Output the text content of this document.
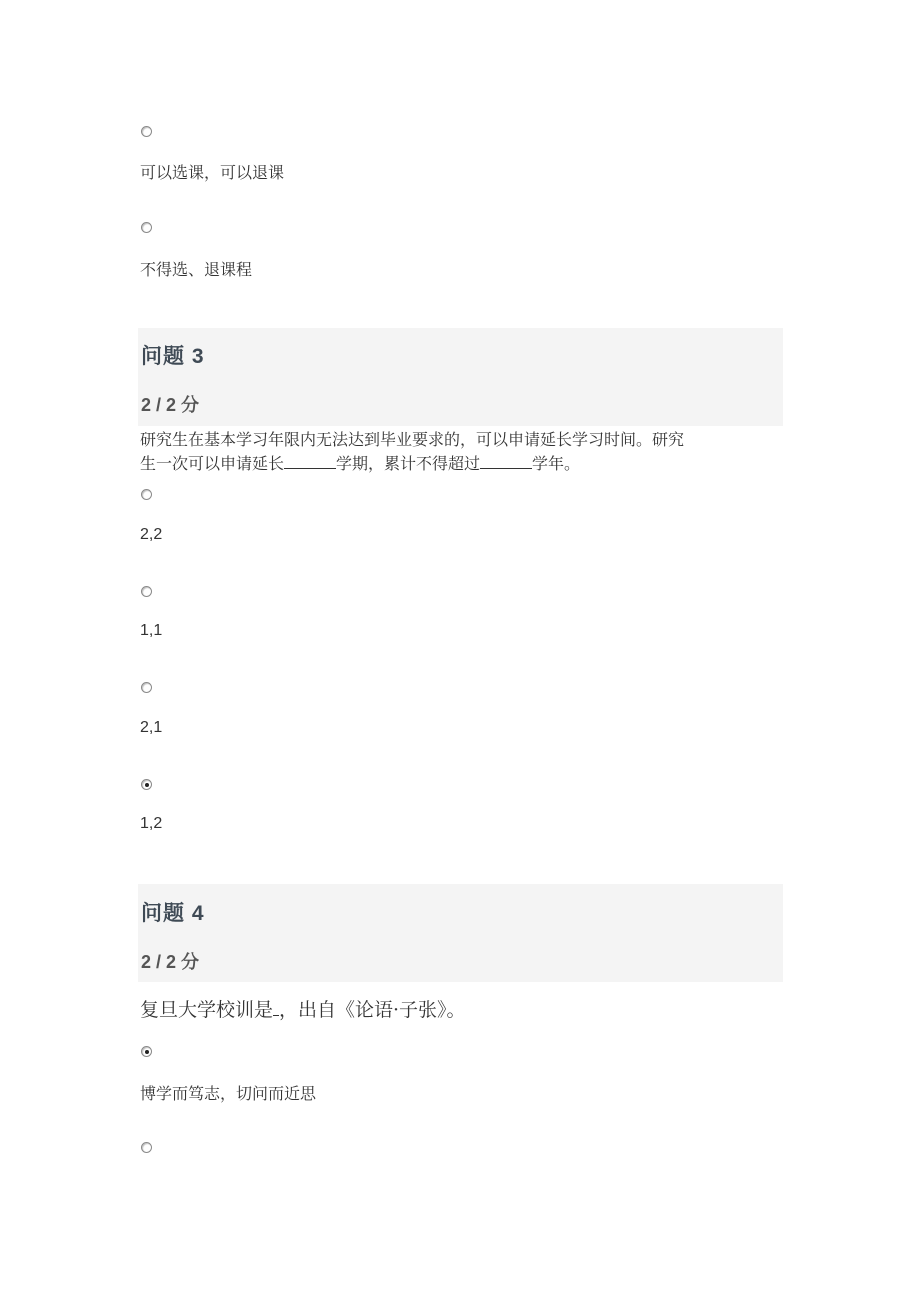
可以选课，可以退课
不得选、退课程
问题 3
2 / 2 分
研究生在基本学习年限内无法达到毕业要求的，可以申请延长学习时间。研究
生一次可以申请延长	学期，累计不得超过	学年。
2,2
1,1
2,1
1,2
问题 4
2 / 2 分
复旦大学校训是 ，出自《论语·子张》。
博学而笃志，切问而近思
